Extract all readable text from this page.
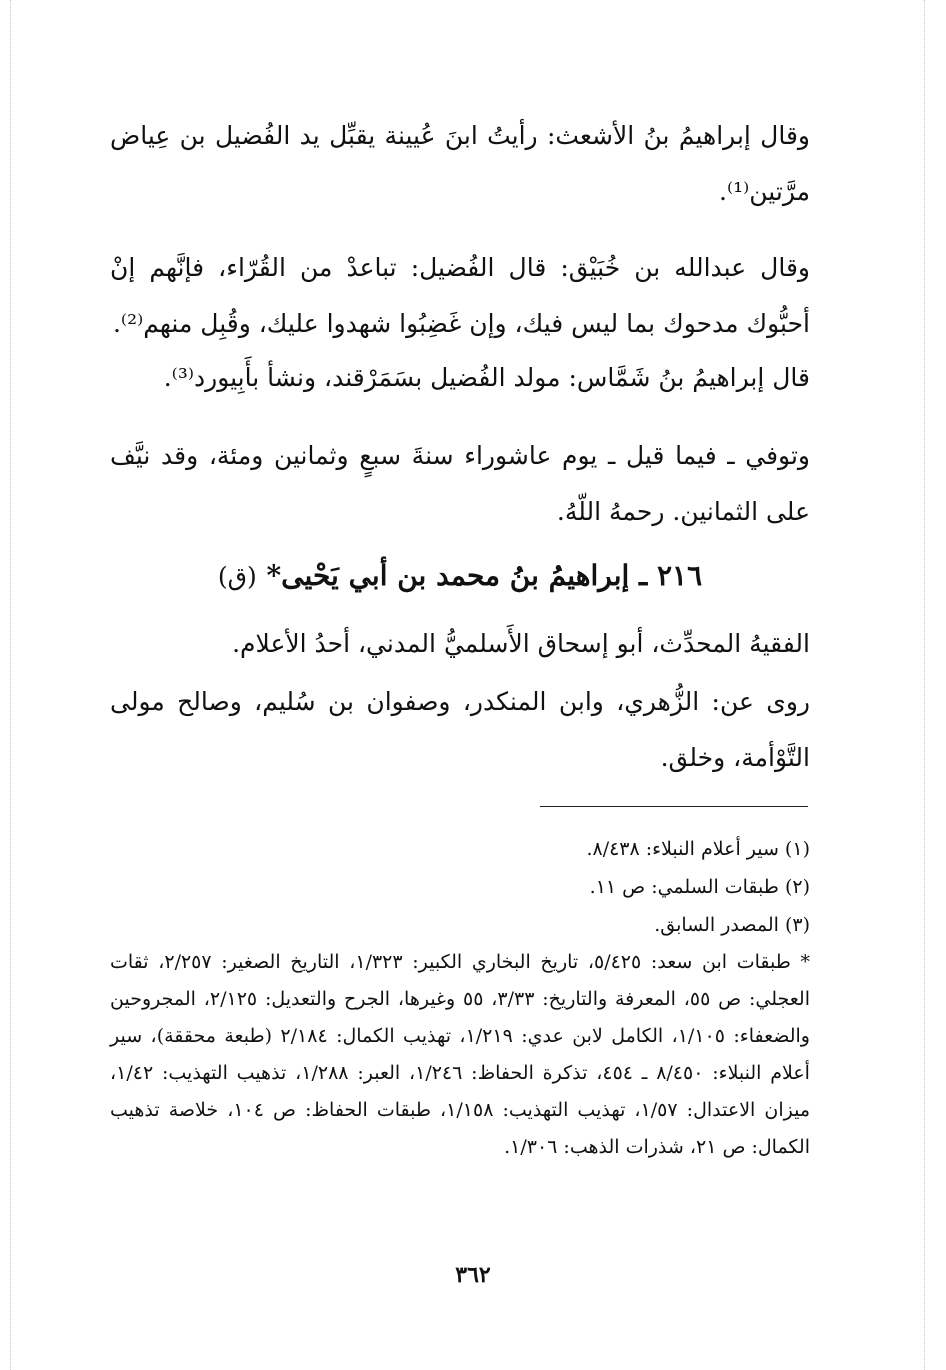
وقال إبراهيمُ بنُ الأشعث: رأيتُ ابنَ عُيينة يقبِّل يد الفُضيل بن عِياض مرَّتين⁽¹⁾.

وقال عبدالله بن خُبَيْق: قال الفُضيل: تباعدْ من القُرّاء، فإنَّهم إنْ أحبُّوك مدحوك بما ليس فيك، وإن غَضِبُوا شهدوا عليك، وقُبِل منهم⁽²⁾.

قال إبراهيمُ بنُ شَمَّاس: مولد الفُضيل بسَمَرْقند، ونشأ بأَبِيورد⁽³⁾.

وتوفي ـ فيما قيل ـ يوم عاشوراء سنةَ سبعٍ وثمانين ومئة، وقد نيَّف على الثمانين. رحمهُ اللّهُ.

٢١٦ ـ إبراهيمُ بنُ محمد بن أبي يَحْيى* (ق)

الفقيهُ المحدِّث، أبو إسحاق الأَسلميُّ المدني، أحدُ الأعلام.

روى عن: الزُّهري، وابن المنكدر، وصفوان بن سُليم، وصالح مولى التَّوْأمة، وخلق.

(١) سير أعلام النبلاء: ٨/٤٣٨.

(٢) طبقات السلمي: ص ١١.

(٣) المصدر السابق.

* طبقات ابن سعد: ٥/٤٢٥، تاريخ البخاري الكبير: ١/٣٢٣، التاريخ الصغير: ٢/٢٥٧، ثقات العجلي: ص ٥٥، المعرفة والتاريخ: ٣/٣٣، ٥٥ وغيرها، الجرح والتعديل: ٢/١٢٥، المجروحين والضعفاء: ١/١٠٥، الكامل لابن عدي: ١/٢١٩، تهذيب الكمال: ٢/١٨٤ (طبعة محققة)، سير أعلام النبلاء: ٨/٤٥٠ ـ ٤٥٤، تذكرة الحفاظ: ١/٢٤٦، العبر: ١/٢٨٨، تذهيب التهذيب: ١/٤٢، ميزان الاعتدال: ١/٥٧، تهذيب التهذيب: ١/١٥٨، طبقات الحفاظ: ص ١٠٤، خلاصة تذهيب الكمال: ص ٢١، شذرات الذهب: ١/٣٠٦.

٣٦٢
